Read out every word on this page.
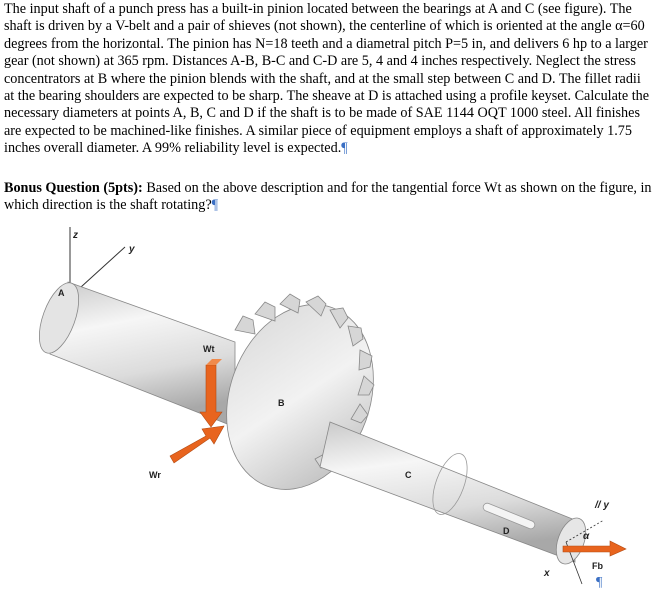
The input shaft of a punch press has a built-in pinion located between the bearings at A and C (see figure). The shaft is driven by a V-belt and a pair of shieves (not shown), the centerline of which is oriented at the angle α=60 degrees from the horizontal. The pinion has N=18 teeth and a diametral pitch P=5 in, and delivers 6 hp to a larger gear (not shown) at 365 rpm. Distances A-B, B-C and C-D are 5, 4 and 4 inches respectively. Neglect the stress concentrators at B where the pinion blends with the shaft, and at the small step between C and D. The fillet radii at the bearing shoulders are expected to be sharp. The sheave at D is attached using a profile keyset. Calculate the necessary diameters at points A, B, C and D if the shaft is to be made of SAE 1144 OQT 1000 steel. All finishes are expected to be machined-like finishes. A similar piece of equipment employs a shaft of approximately 1.75 inches overall diameter. A 99% reliability level is expected.¶

Bonus Question (5pts): Based on the above description and for the tangential force Wt as shown on the figure, in which direction is the shaft rotating?¶

z
y
A
B
C
D
Wt
Wr
// y
α
Fb
x
¶
